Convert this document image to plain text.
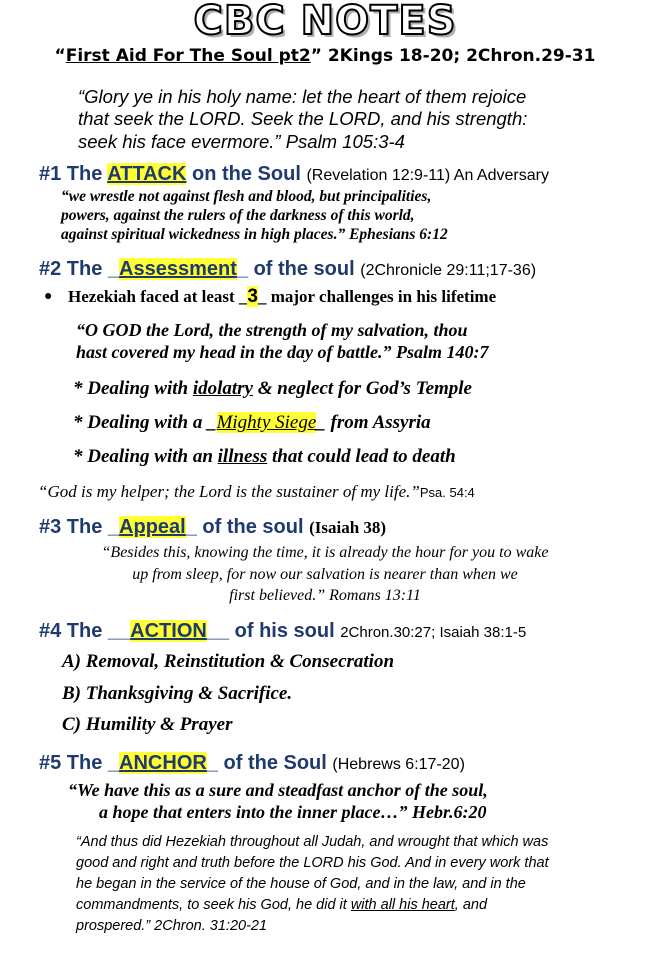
CBC NOTES
“First Aid For The Soul pt2” 2Kings 18-20; 2Chron.29-31
“Glory ye in his holy name: let the heart of them rejoice
that seek the LORD. Seek the LORD, and his strength:
seek his face evermore.” Psalm 105:3-4
#1 The ATTACK on the Soul (Revelation 12:9-11) An Adversary
“we wrestle not against flesh and blood, but principalities,
powers, against the rulers of the darkness of this world,
against spiritual wickedness in high places.” Ephesians 6:12
#2 The _Assessment_ of the soul (2Chronicle 29:11;17-36)
● Hezekiah faced at least _3_ major challenges in his lifetime
“O GOD the Lord, the strength of my salvation, thou
hast covered my head in the day of battle.” Psalm 140:7
* Dealing with idolatry & neglect for God’s Temple
* Dealing with a _Mighty Siege_ from Assyria
* Dealing with an illness that could lead to death
“God is my helper; the Lord is the sustainer of my life.”Psa. 54:4
#3 The _Appeal_ of the soul (Isaiah 38)
“Besides this, knowing the time, it is already the hour for you to wake
up from sleep, for now our salvation is nearer than when we
first believed.” Romans 13:11
#4 The __ACTION__ of his soul 2Chron.30:27; Isaiah 38:1-5
A) Removal, Reinstitution & Consecration
B) Thanksgiving & Sacrifice.
C) Humility & Prayer
#5 The _ANCHOR_ of the Soul (Hebrews 6:17-20)
“We have this as a sure and steadfast anchor of the soul,
a hope that enters into the inner place…” Hebr.6:20
“And thus did Hezekiah throughout all Judah, and wrought that which was
good and right and truth before the LORD his God. And in every work that
he began in the service of the house of God, and in the law, and in the
commandments, to seek his God, he did it with all his heart, and
prospered.” 2Chron. 31:20-21
